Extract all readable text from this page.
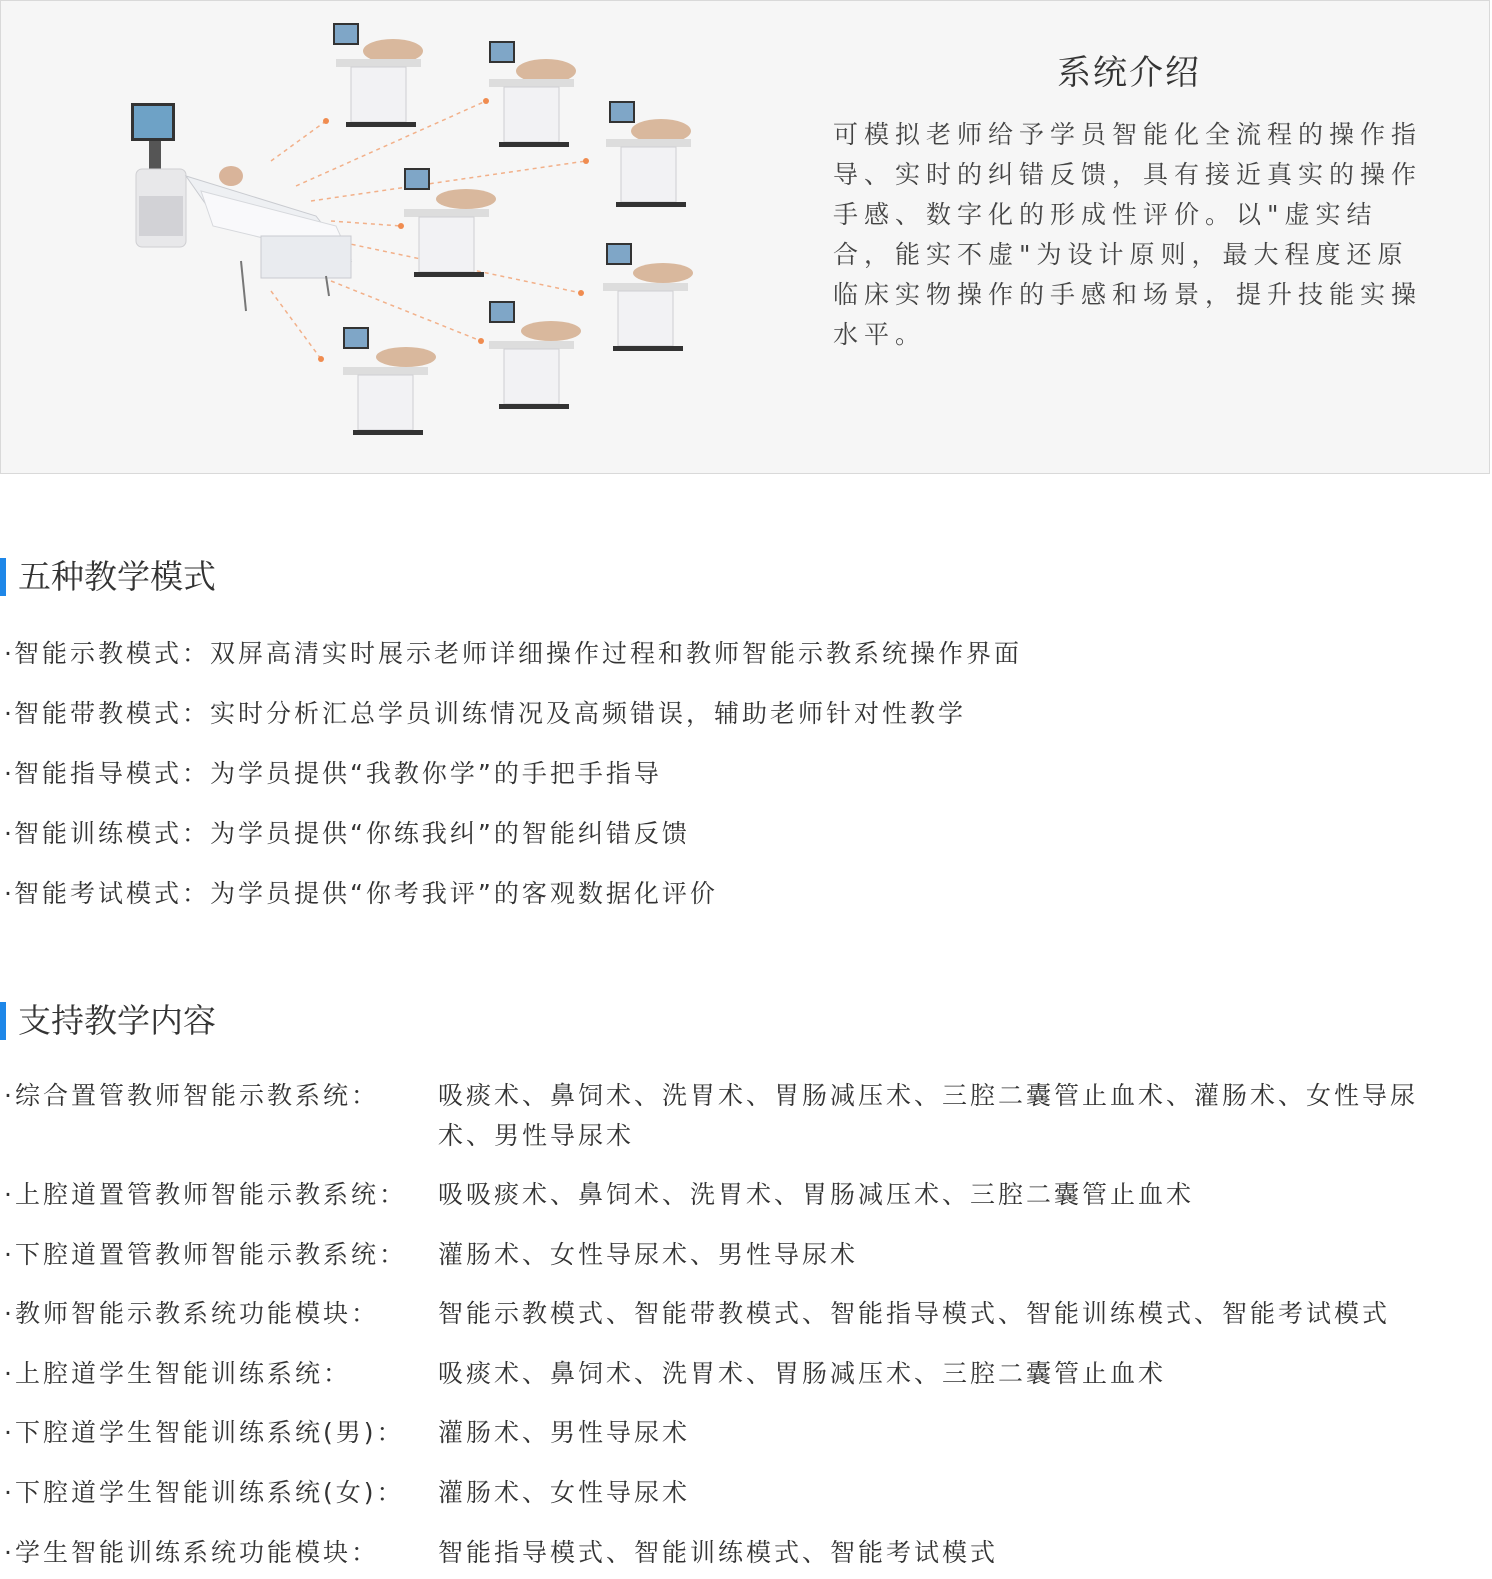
系统介绍
可模拟老师给予学员智能化全流程的操作指导、实时的纠错反馈，具有接近真实的操作手感、数字化的形成性评价。以"虚实结合，能实不虚"为设计原则，最大程度还原临床实物操作的手感和场景，提升技能实操水平。
五种教学模式
·智能示教模式：双屏高清实时展示老师详细操作过程和教师智能示教系统操作界面
·智能带教模式：实时分析汇总学员训练情况及高频错误，辅助老师针对性教学
·智能指导模式：为学员提供“我教你学”的手把手指导
·智能训练模式：为学员提供“你练我纠”的智能纠错反馈
·智能考试模式：为学员提供“你考我评”的客观数据化评价
支持教学内容
·综合置管教师智能示教系统： 吸痰术、鼻饲术、洗胃术、胃肠减压术、三腔二囊管止血术、灌肠术、女性导尿术、男性导尿术
·上腔道置管教师智能示教系统： 吸吸痰术、鼻饲术、洗胃术、胃肠减压术、三腔二囊管止血术
·下腔道置管教师智能示教系统： 灌肠术、女性导尿术、男性导尿术
·教师智能示教系统功能模块： 智能示教模式、智能带教模式、智能指导模式、智能训练模式、智能考试模式
·上腔道学生智能训练系统：	吸痰术、鼻饲术、洗胃术、胃肠减压术、三腔二囊管止血术
·下腔道学生智能训练系统(男)： 灌肠术、男性导尿术
·下腔道学生智能训练系统(女)： 灌肠术、女性导尿术
·学生智能训练系统功能模块： 智能指导模式、智能训练模式、智能考试模式
